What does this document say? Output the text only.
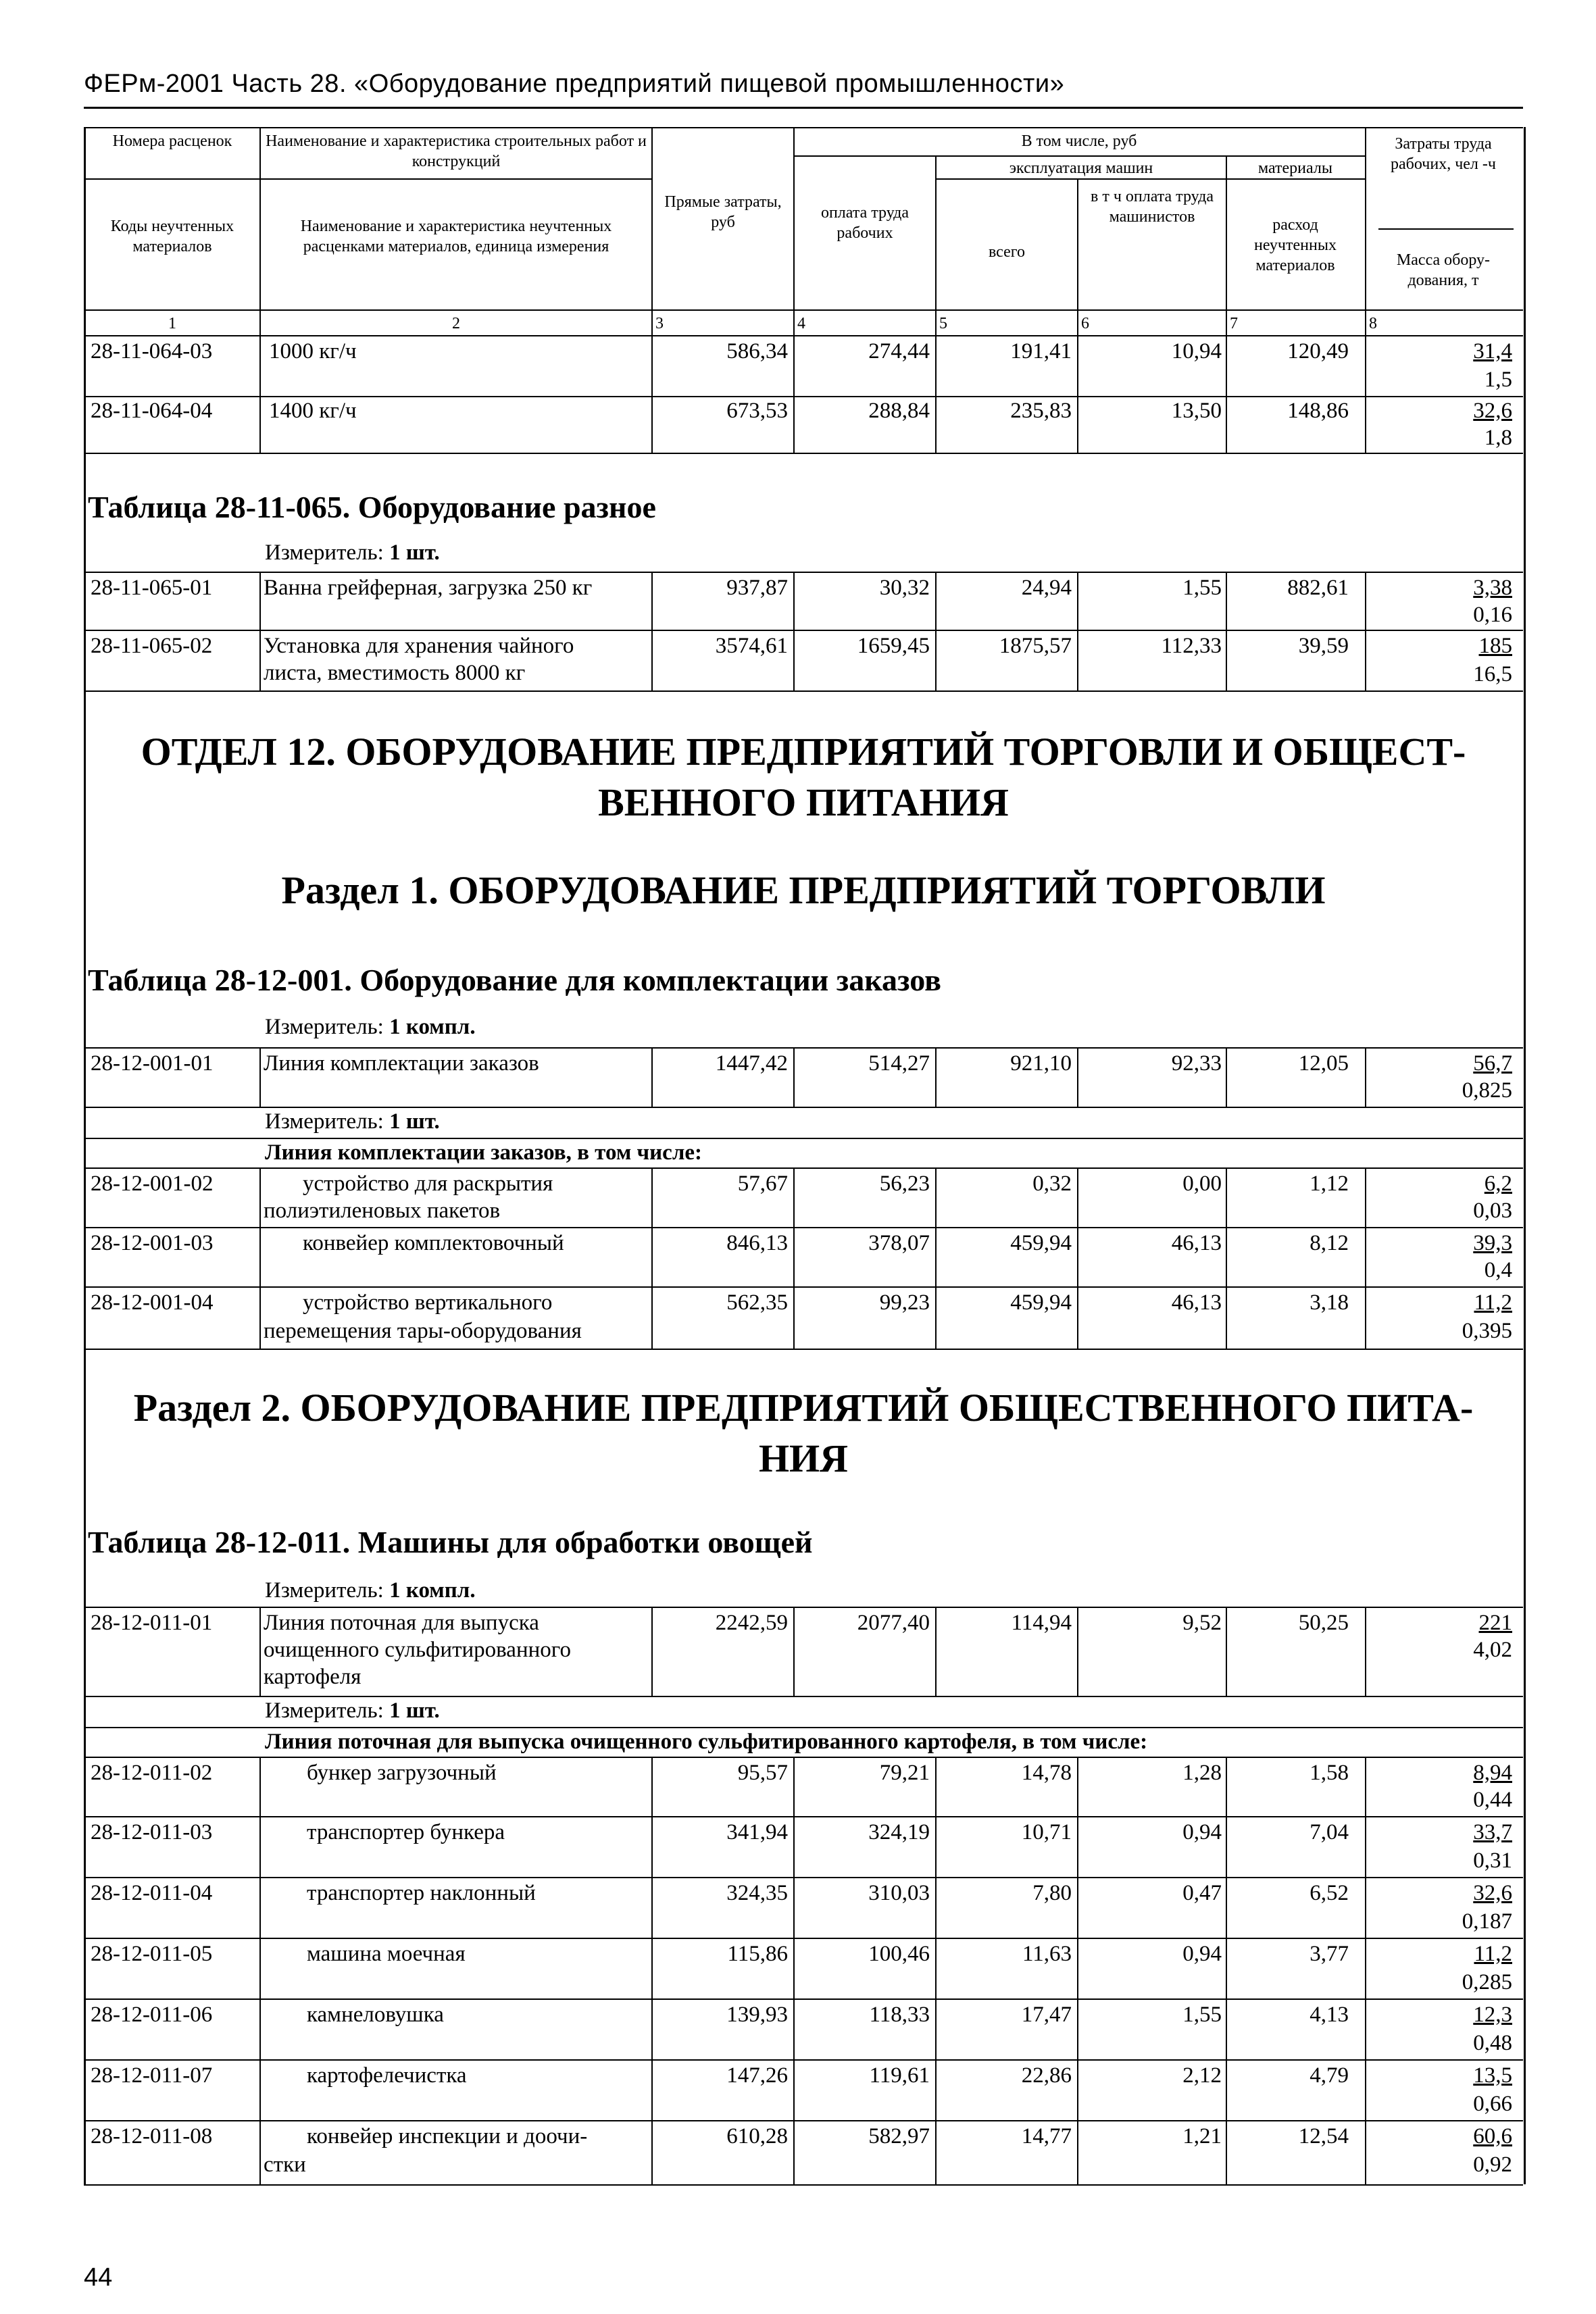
ФЕРм-2001 Часть 28. «Оборудование предприятий пищевой промышленности»
Номера расценок
Коды неучтенных материалов
Наименование и характеристика строительных работ и конструкций
Наименование и характеристика неучтенных расценками материалов, единица измерения
Прямые затраты, руб
В том числе, руб
эксплуатация машин	материалы
оплата труда рабочих
всего
в т ч оплата труда машинистов	расход неучтенных материалов
Затраты труда рабочих, чел -ч
Масса обору-дования, т
1	2	3	4	5	6	7	8
28-11-064-03	1000 кг/ч	586,34	274,44	191,41	10,94	120,49	31,4
1,5
28-11-064-04	1400 кг/ч	673,53	288,84	235,83	13,50	148,86	32,6
1,8
Таблица 28-11-065. Оборудование разное
Измеритель: 1 шт.
28-11-065-01 Ванна грейферная, загрузка 250 кг	937,87	30,32	24,94	1,55	882,61	3,38
0,16
28-11-065-02 Установка для хранения чайного
листа, вместимость 8000 кг
3574,61	1659,45	1875,57	112,33	39,59	185
16,5
ОТДЕЛ 12. ОБОРУДОВАНИЕ ПРЕДПРИЯТИЙ ТОРГОВЛИ И ОБЩЕСТ-
ВЕННОГО ПИТАНИЯ
Раздел 1. ОБОРУДОВАНИЕ ПРЕДПРИЯТИЙ ТОРГОВЛИ
Таблица 28-12-001. Оборудование для комплектации заказов
Измеритель: 1 компл.
28-12-001-01 Линия комплектации заказов	1447,42	514,27	921,10	92,33	12,05	56,7
0,825
Измеритель: 1 шт.
Линия комплектации заказов, в том числе:
28-12-001-02	устройство для раскрытия
полиэтиленовых пакетов
57,67	56,23	0,32	0,00	1,12	6,2
0,03
28-12-001-03	конвейер комплектовочный	846,13	378,07	459,94	46,13	8,12	39,3
0,4
28-12-001-04	устройство вертикального
перемещения тары-оборудования
562,35	99,23	459,94	46,13	3,18	11,2
0,395
Раздел 2. ОБОРУДОВАНИЕ ПРЕДПРИЯТИЙ ОБЩЕСТВЕННОГО ПИТА-
НИЯ
Таблица 28-12-011. Машины для обработки овощей
Измеритель: 1 компл.
28-12-011-01 Линия поточная для выпуска
очищенного сульфитированного
картофеля
2242,59	2077,40	114,94	9,52	50,25	221
4,02
Измеритель: 1 шт.
Линия поточная для выпуска очищенного сульфитированного картофеля, в том числе:
28-12-011-02	бункер загрузочный	95,57	79,21	14,78	1,28	1,58	8,94
0,44
28-12-011-03	транспортер бункера	341,94	324,19	10,71	0,94	7,04	33,7
0,31
28-12-011-04	транспортер наклонный	324,35	310,03	7,80	0,47	6,52	32,6
0,187
28-12-011-05	машина моечная	115,86	100,46	11,63	0,94	3,77	11,2
0,285
28-12-011-06	камнеловушка	139,93	118,33	17,47	1,55	4,13	12,3
0,48
28-12-011-07	картофелечистка	147,26	119,61	22,86	2,12	4,79	13,5
0,66
28-12-011-08	конвейер инспекции и доочи-
стки
610,28	582,97	14,77	1,21	12,54	60,6
0,92
44
